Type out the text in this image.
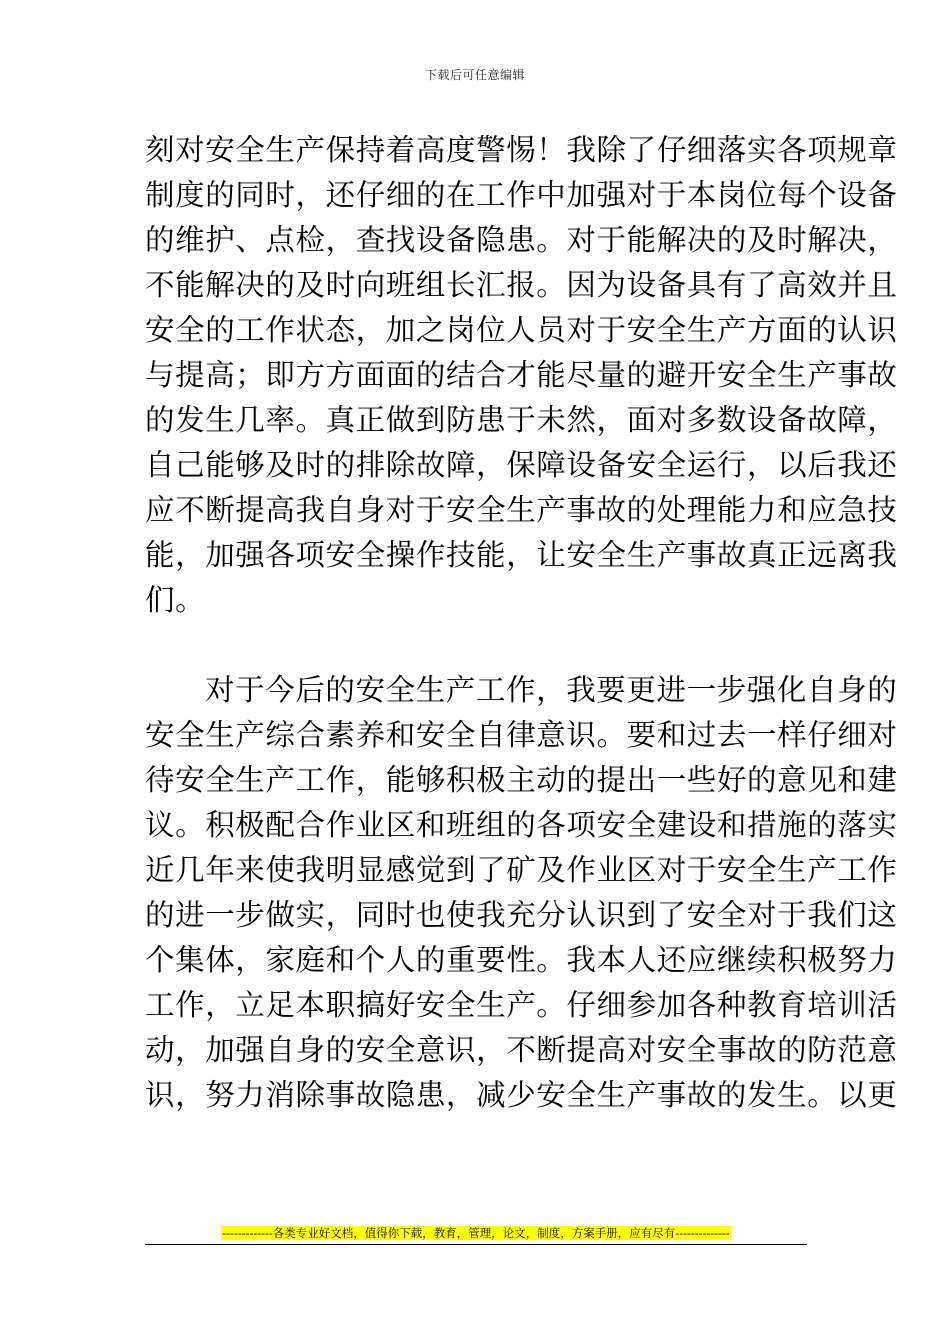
下载后可任意编辑
刻对安全生产保持着高度警惕！我除了仔细落实各项规章
制度的同时，还仔细的在工作中加强对于本岗位每个设备
的维护、点检，查找设备隐患。对于能解决的及时解决，
不能解决的及时向班组长汇报。因为设备具有了高效并且
安全的工作状态，加之岗位人员对于安全生产方面的认识
与提高；即方方面面的结合才能尽量的避开安全生产事故
的发生几率。真正做到防患于未然，面对多数设备故障，
自己能够及时的排除故障，保障设备安全运行，以后我还
应不断提高我自身对于安全生产事故的处理能力和应急技
能，加强各项安全操作技能，让安全生产事故真正远离我
们。
对于今后的安全生产工作，我要更进一步强化自身的
安全生产综合素养和安全自律意识。要和过去一样仔细对
待安全生产工作，能够积极主动的提出一些好的意见和建
议。积极配合作业区和班组的各项安全建设和措施的落实
近几年来使我明显感觉到了矿及作业区对于安全生产工作
的进一步做实，同时也使我充分认识到了安全对于我们这
个集体，家庭和个人的重要性。我本人还应继续积极努力
工作，立足本职搞好安全生产。仔细参加各种教育培训活
动，加强自身的安全意识，不断提高对安全事故的防范意
识，努力消除事故隐患，减少安全生产事故的发生。以更
-------------各类专业好文档，值得你下载，教育，管理，论文，制度，方案手册，应有尽有--------------
